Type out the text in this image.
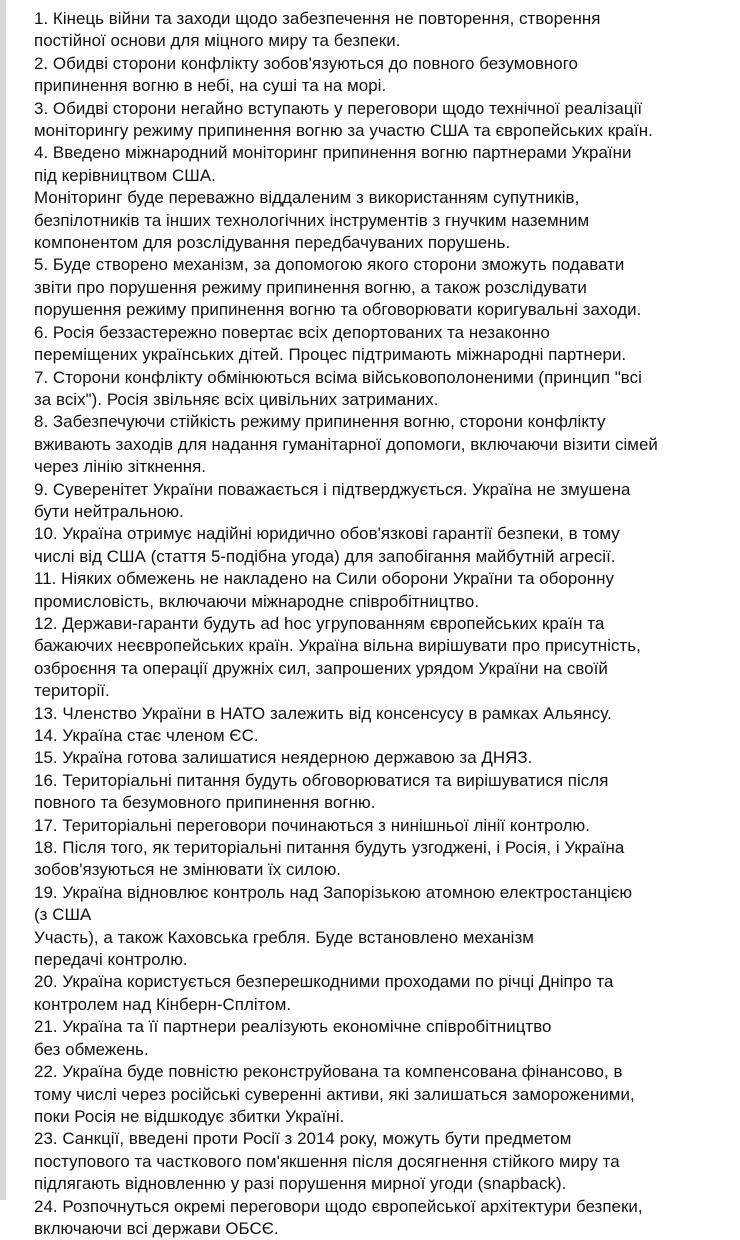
1. Кінець війни та заходи щодо забезпечення не повторення, створення
постійної основи для міцного миру та безпеки.
2. Обидві сторони конфлікту зобов'язуються до повного безумовного
припинення вогню в небі, на суші та на морі.
3. Обидві сторони негайно вступають у переговори щодо технічної реалізації
моніторингу режиму припинення вогню за участю США та європейських країн.
4. Введено міжнародний моніторинг припинення вогню партнерами України
під керівництвом США.
Моніторинг буде переважно віддаленим з використанням супутників,
безпілотників та інших технологічних інструментів з гнучким наземним
компонентом для розслідування передбачуваних порушень.
5. Буде створено механізм, за допомогою якого сторони зможуть подавати
звіти про порушення режиму припинення вогню, а також розслідувати
порушення режиму припинення вогню та обговорювати коригувальні заходи.
6. Росія беззастережно повертає всіх депортованих та незаконно
переміщених українських дітей. Процес підтримають міжнародні партнери.
7. Сторони конфлікту обмінюються всіма військовополоненими (принцип "всі
за всіх"). Росія звільняє всіх цивільних затриманих.
8. Забезпечуючи стійкість режиму припинення вогню, сторони конфлікту
вживають заходів для надання гуманітарної допомоги, включаючи візити сімей
через лінію зіткнення.
9. Суверенітет України поважається і підтверджується. Україна не змушена
бути нейтральною.
10. Україна отримує надійні юридично обов'язкові гарантії безпеки, в тому
числі від США (стаття 5-подібна угода) для запобігання майбутній агресії.
11. Ніяких обмежень не накладено на Сили оборони України та оборонну
промисловість, включаючи міжнародне співробітництво.
12. Держави-гаранти будуть ad hoc угрупованням європейських країн та
бажаючих неєвропейських країн. Україна вільна вирішувати про присутність,
озброєння та операції дружніх сил, запрошених урядом України на своїй
території.
13. Членство України в НАТО залежить від консенсусу в рамках Альянсу.
14. Україна стає членом ЄС.
15. Україна готова залишатися неядерною державою за ДНЯЗ.
16. Територіальні питання будуть обговорюватися та вирішуватися після
повного та безумовного припинення вогню.
17. Територіальні переговори починаються з нинішньої лінії контролю.
18. Після того, як територіальні питання будуть узгоджені, і Росія, і Україна
зобов'язуються не змінювати їх силою.
19. Україна відновлює контроль над Запорізькою атомною електростанцією
(з США
Участь), а також Каховська гребля. Буде встановлено механізм
передачі контролю.
20. Україна користується безперешкодними проходами по річці Дніпро та
контролем над Кінберн-Сплітом.
21. Україна та її партнери реалізують економічне співробітництво
без обмежень.
22. Україна буде повністю реконструйована та компенсована фінансово, в
тому числі через російські суверенні активи, які залишаться замороженими,
поки Росія не відшкодує збитки Україні.
23. Санкції, введені проти Росії з 2014 року, можуть бути предметом
поступового та часткового пом'якшення після досягнення стійкого миру та
підлягають відновленню у разі порушення мирної угоди (snapback).
24. Розпочнуться окремі переговори щодо європейської архітектури безпеки,
включаючи всі держави ОБСЄ.
